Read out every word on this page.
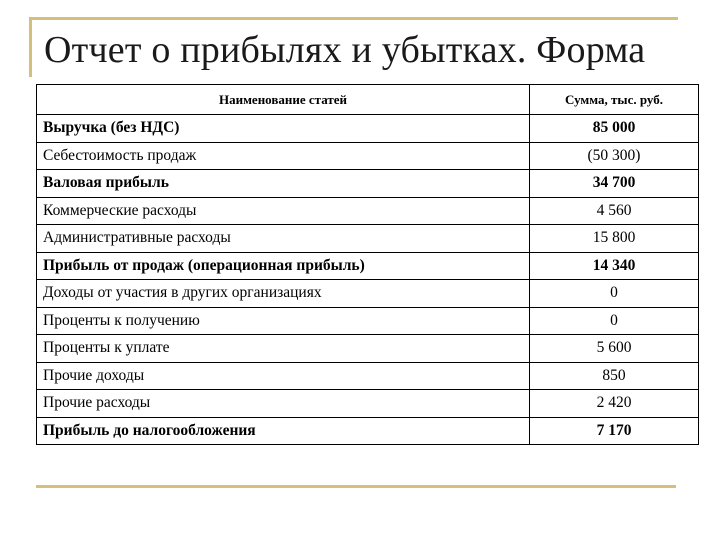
Отчет о прибылях и убытках. Форма
Наименование статей	Сумма, тыс. руб.
Выручка (без НДС)	85 000
Себестоимость продаж	(50 300)
Валовая прибыль	34 700
Коммерческие расходы	4 560
Административные расходы	15 800
Прибыль от продаж (операционная прибыль)	14 340
Доходы от участия в других организациях	0
Проценты к получению	0
Проценты к уплате	5 600
Прочие доходы	850
Прочие расходы	2 420
Прибыль до налогообложения	7 170
